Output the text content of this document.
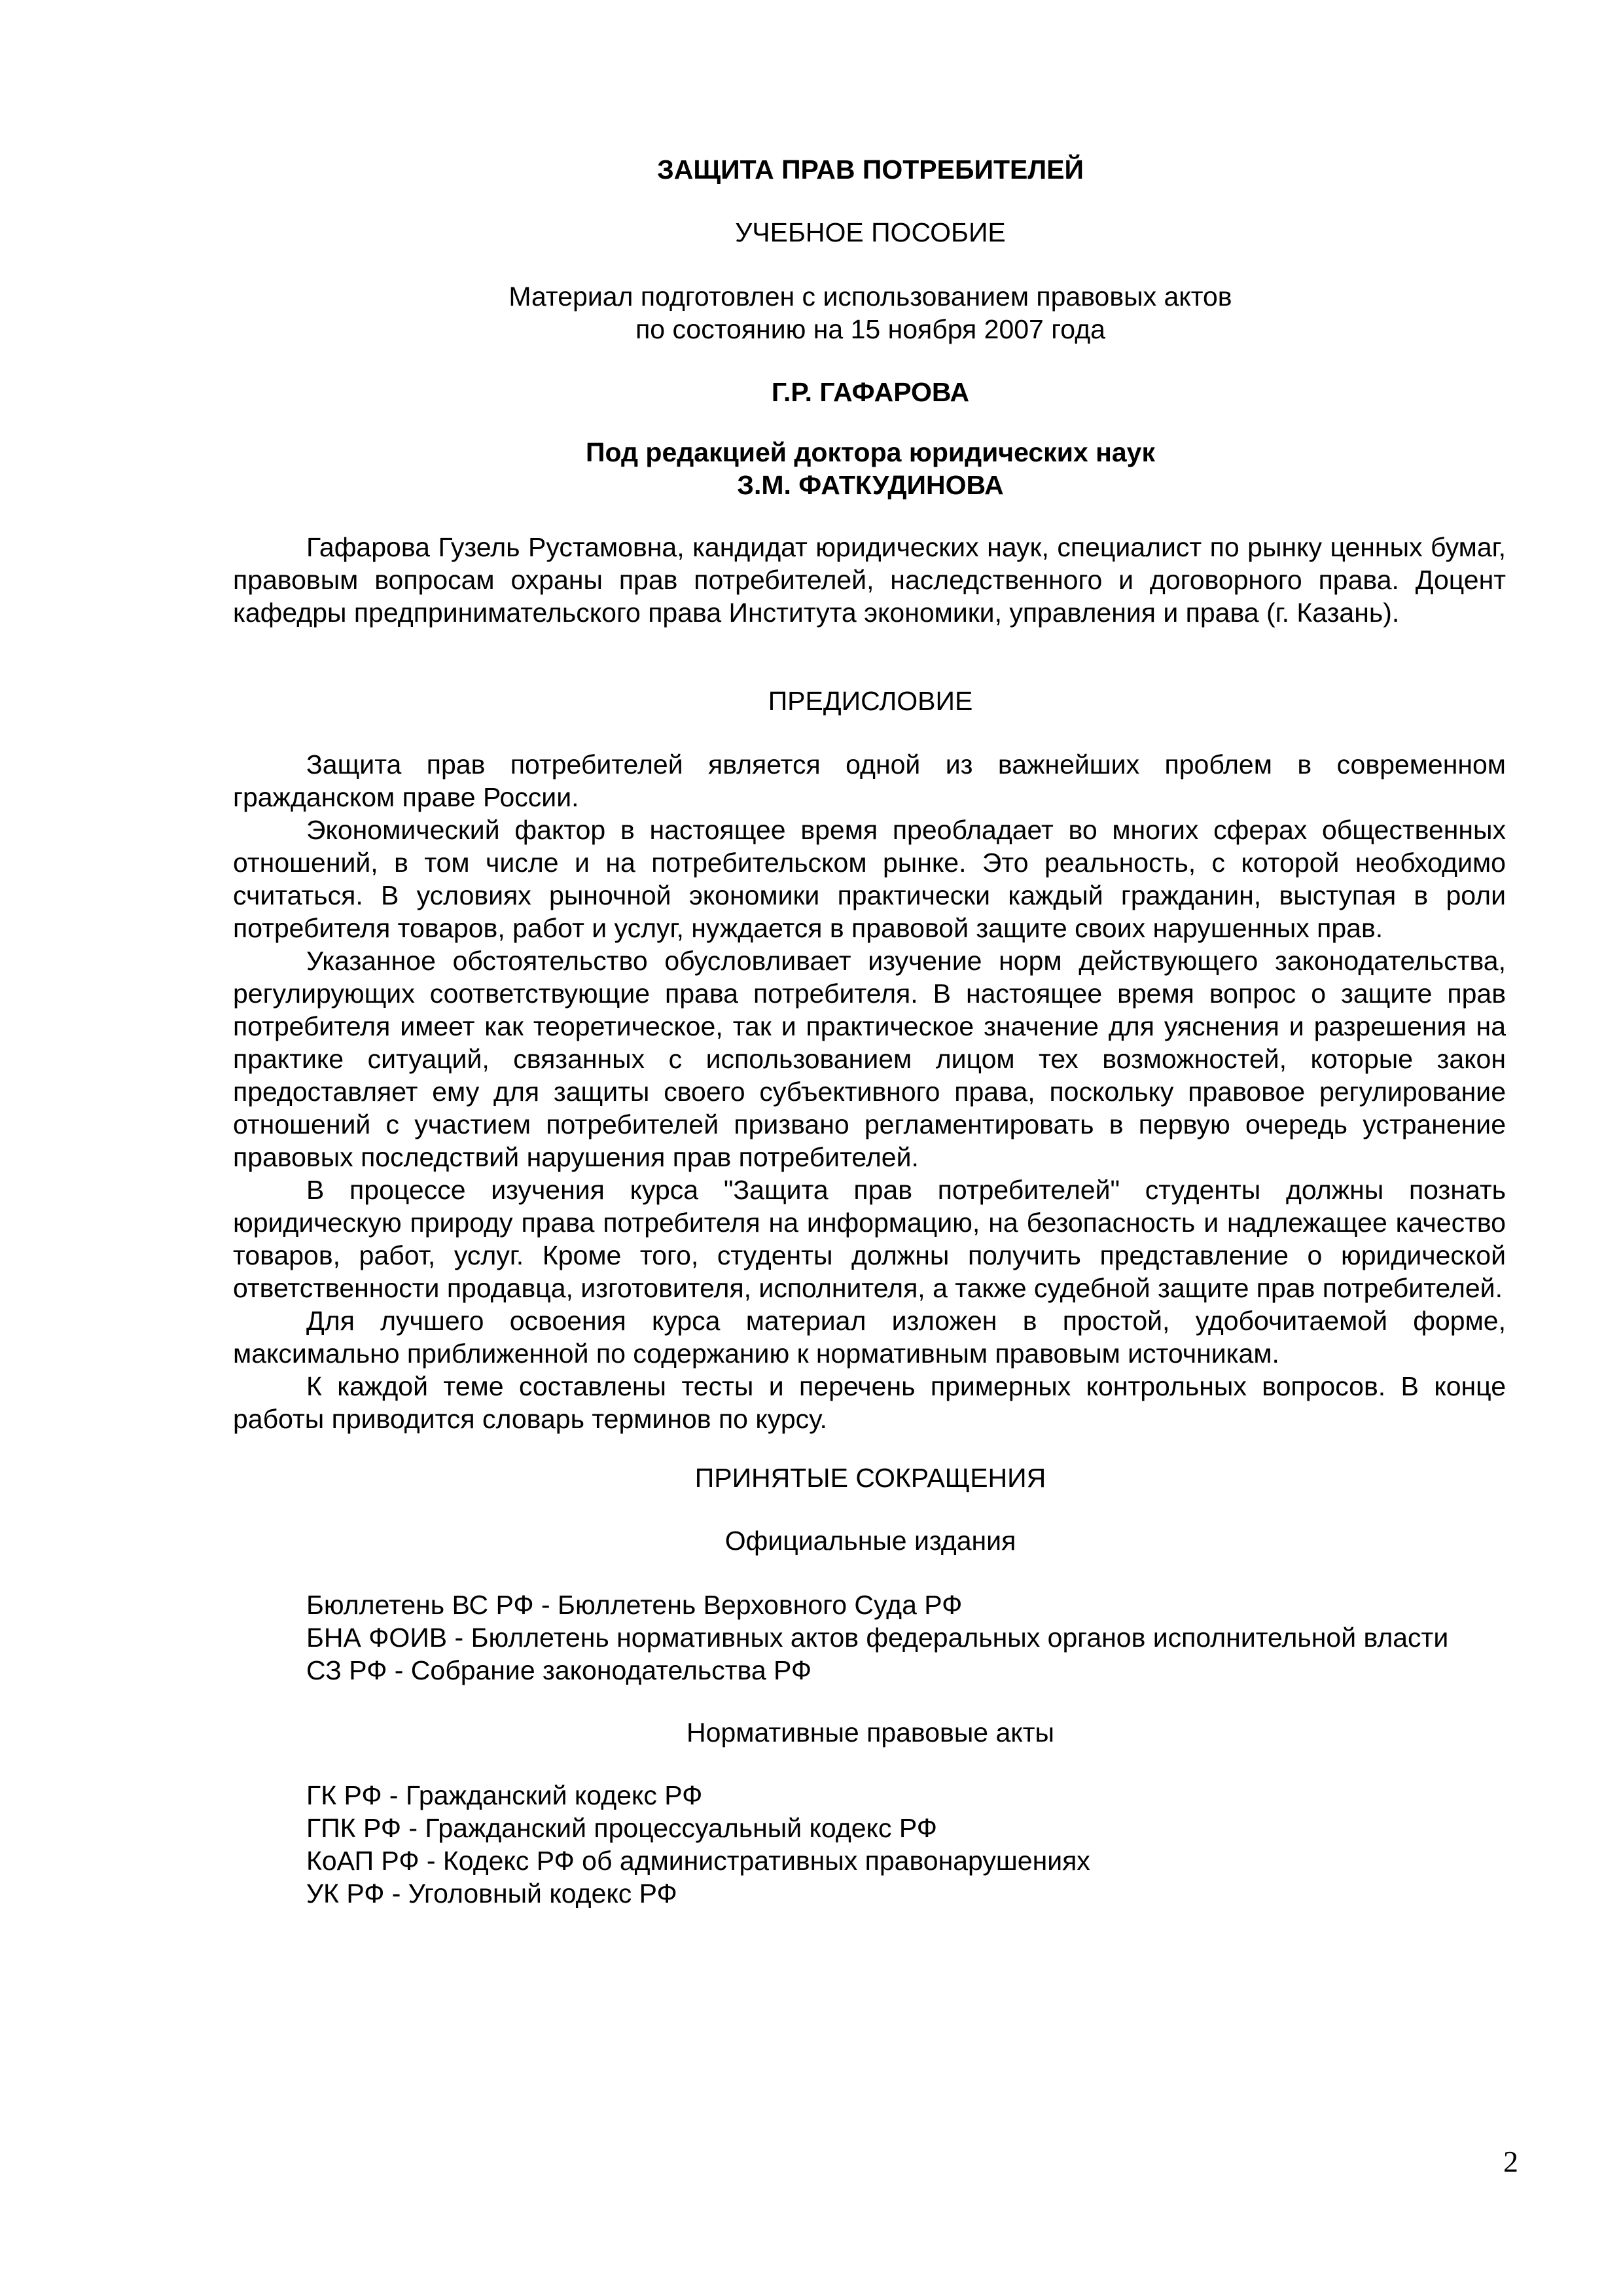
ЗАЩИТА ПРАВ ПОТРЕБИТЕЛЕЙ
УЧЕБНОЕ ПОСОБИЕ
Материал подготовлен с использованием правовых актов
по состоянию на 15 ноября 2007 года
Г.Р. ГАФАРОВА
Под редакцией доктора юридических наук
З.М. ФАТКУДИНОВА

Гафарова Гузель Рустамовна, кандидат юридических наук, специалист по рынку ценных бумаг, правовым вопросам охраны прав потребителей, наследственного и договорного права. Доцент кафедры предпринимательского права Института экономики, управления и права (г. Казань).

ПРЕДИСЛОВИЕ

Защита прав потребителей является одной из важнейших проблем в современном гражданском праве России.

Экономический фактор в настоящее время преобладает во многих сферах общественных отношений, в том числе и на потребительском рынке. Это реальность, с которой необходимо считаться. В условиях рыночной экономики практически каждый гражданин, выступая в роли потребителя товаров, работ и услуг, нуждается в правовой защите своих нарушенных прав.

Указанное обстоятельство обусловливает изучение норм действующего законодательства, регулирующих соответствующие права потребителя. В настоящее время вопрос о защите прав потребителя имеет как теоретическое, так и практическое значение для уяснения и разрешения на практике ситуаций, связанных с использованием лицом тех возможностей, которые закон предоставляет ему для защиты своего субъективного права, поскольку правовое регулирование отношений с участием потребителей призвано регламентировать в первую очередь устранение правовых последствий нарушения прав потребителей.

В процессе изучения курса "Защита прав потребителей" студенты должны познать юридическую природу права потребителя на информацию, на безопасность и надлежащее качество товаров, работ, услуг. Кроме того, студенты должны получить представление о юридической ответственности продавца, изготовителя, исполнителя, а также судебной защите прав потребителей.

Для лучшего освоения курса материал изложен в простой, удобочитаемой форме, максимально приближенной по содержанию к нормативным правовым источникам.

К каждой теме составлены тесты и перечень примерных контрольных вопросов. В конце работы приводится словарь терминов по курсу.

ПРИНЯТЫЕ СОКРАЩЕНИЯ
Официальные издания
Бюллетень ВС РФ - Бюллетень Верховного Суда РФ
БНА ФОИВ - Бюллетень нормативных актов федеральных органов исполнительной власти
СЗ РФ - Собрание законодательства РФ
Нормативные правовые акты
ГК РФ - Гражданский кодекс РФ
ГПК РФ - Гражданский процессуальный кодекс РФ
КоАП РФ - Кодекс РФ об административных правонарушениях
УК РФ - Уголовный кодекс РФ
2
